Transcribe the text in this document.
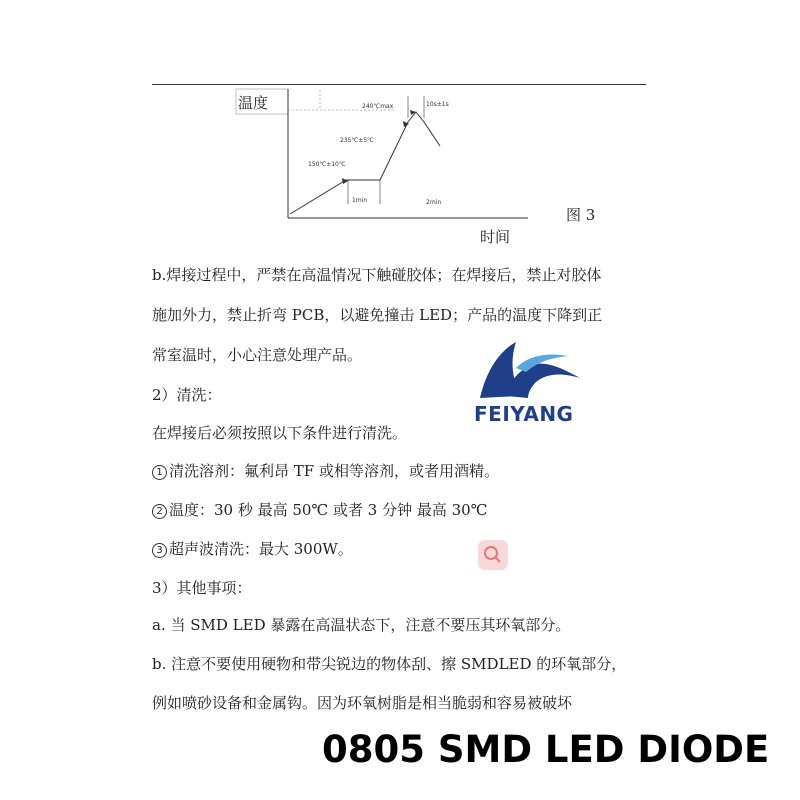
温度	240℃max	10s±1s
235℃±5℃
150℃±10℃
1min	2min
图 3
时间
b.焊接过程中，严禁在高温情况下触碰胶体；在焊接后，禁止对胶体
施加外力，禁止折弯 PCB，以避免撞击 LED；产品的温度下降到正
常室温时，小心注意处理产品。
2）清洗：
在焊接后必须按照以下条件进行清洗。
1 清洗溶剂：氟利昂 TF 或相等溶剂，或者用酒精。
2 温度：30 秒 最高 50℃ 或者 3 分钟 最高 30℃
3 超声波清洗：最大 300W。
3）其他事项：
a. 当 SMD LED 暴露在高温状态下，注意不要压其环氧部分。
b. 注意不要使用硬物和带尖锐边的物体刮、擦 SMDLED 的环氧部分，
例如喷砂设备和金属钩。因为环氧树脂是相当脆弱和容易被破坏
FEIYANG
0805 SMD LED DIODE
